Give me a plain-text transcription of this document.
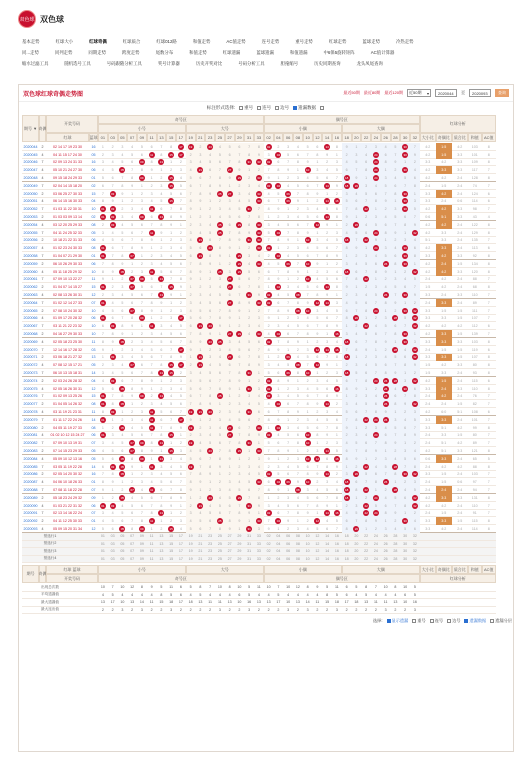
双色球 双色球
基本走势	红球大小	红球奇偶	红球质合	红球012路	和值走势	AC值走势	连号走势	重号走势	红球走势	蓝球走势	冷热走势
同...走势	同列走势	同期走势	跨度走势	尾数分布	和值走势	红球遗漏	蓝球遗漏	和值遗漏	中6保5旋转矩阵	AC值计算器
缩水过滤工具	随机选号工具	号码跟随分析工具	奖号计算器	历史开奖对比	号码分析工具	胆拖缩号	历史同期查询	龙头凤尾查询
双色球红球奇偶走势图	最近50期 最近80期 最近120期 近50期 ▾	2020044	至	2020093	查询
标注形式选择:	重号	连号	边号	遗漏数据
期号 ▼ 奇偶
开奖号码
红球	蓝球
奇号区
小号	大号
01	03	05	07	09	11	13	15	17	19	21	23	25	27	29	31	33
偶号区
小偶	大偶
02	04	06	08	10	12	14	16	18	20	22	24	26	28	30	32
红球分析
大小比	奇偶比	质合比	和值	AC值
2020044	2	02 14 17 19 23 30	16	1	2	3	4	5	6	7	8	17	19	2	23	4	5	6	7	8	02	2	3	4	5	6	14	8	9	1	2	3	4	5	30	7	4:2	1:5	4:2	103	8
2020045	4	04 11 15 17 24 30	05	2	3	4	5	6	11	8	15	17	2	3	4	5	6	7	8	9	3	04	5	6	7	8	9	1	2	3	4	24	6	7	30	9	4:2	1:5	3:3	101	8
2020046	7	02 09 13 24 31 33	16	3	4	5	6	09	8	13	1	2	3	4	5	6	7	8	31	33	02	6	7	8	9	1	2	3	4	5	6	24	8	9	1	2	3:3	4:2	3:3	109	8
2020047	4	05 10 21 24 27 30	06	4	5	05	7	8	9	1	2	3	4	21	6	7	27	9	1	2	7	8	9	1	10	3	4	5	6	7	8	24	1	2	30	4	4:2	3:3	3:3	117	7
2020048	4	09 15 18 24 29 33	01	5	6	7	8	09	1	2	15	4	5	6	7	8	9	29	2	33	9	1	2	3	4	5	6	7	18	9	1	24	3	4	5	6	4:2	4:2	2:4	128	8
2020049	7	02 04 14 15 18 20	02	6	7	8	9	1	2	3	15	5	6	7	8	9	1	2	3	4	02	04	4	5	6	7	14	9	18	20	3	4	5	6	7	8	2:4	1:5	2:4	74	7
2020050	2	03 06 25 27 30 33	15	7	03	9	1	2	3	4	5	6	7	8	9	25	27	3	4	33	4	5	06	7	8	9	1	2	3	4	5	6	7	8	30	1	3:3	4:2	2:4	124	6
2020051	4	06 14 15 16 30 33	04	8	9	1	2	3	4	5	15	7	8	9	1	2	3	4	5	33	6	7	06	9	1	2	14	16	5	6	7	8	9	1	30	3	3:3	2:4	0:6	114	6
2020052	7	01 03 11 22 30 31	10	01	03	2	3	4	11	6	7	8	9	1	2	3	4	5	31	7	8	9	1	2	3	4	5	6	7	8	22	1	2	3	30	5	4:2	4:2	3:3	98	7
2020053	2	01 03 03 09 13 14	02	01	03	3	4	09	6	13	8	9	1	2	3	4	5	6	7	8	1	2	3	4	5	6	14	8	9	1	2	3	4	5	6	7	0:6	5:1	3:3	43	4
2020054	4	03 12 20 25 29 33	08	2	03	4	5	6	7	8	9	1	2	3	4	25	6	29	8	33	3	4	5	6	7	12	9	1	2	20	4	5	6	7	8	9	4:2	4:2	2:4	122	8
2020055	7	04 11 24 25 32 33	05	3	4	5	6	7	11	9	1	2	3	4	5	25	7	8	9	33	5	04	7	8	9	1	2	3	4	5	6	24	8	9	1	32	4:2	3:3	2:4	129	8
2020056	2	10 18 21 22 31 33	06	4	5	6	7	8	9	1	2	3	4	21	6	7	8	9	31	33	7	8	9	1	10	3	4	5	18	7	22	9	1	2	3	4	5:1	3:3	2:4	135	7
2020057	4	01 02 23 24 30 33	08	01	6	7	8	9	1	2	3	4	5	6	23	8	9	1	2	33	02	1	2	3	4	5	6	7	8	9	1	24	3	4	30	6	4:2	3:3	2:4	113	6
2020058	7	01 04 07 21 29 30	01	01	7	8	07	1	2	3	4	5	6	21	8	9	1	29	3	4	2	04	4	5	6	7	8	9	1	2	3	4	5	6	30	8	3:3	4:2	3:3	92	8
2020059	2	06 10 26 29 30 33	06	7	8	9	1	2	3	4	5	6	7	8	9	1	2	29	4	33	4	5	06	7	10	9	1	2	3	4	5	6	26	8	30	1	4:2	2:4	1:5	134	8
2020060	4	05 11 18 25 29 32	10	8	9	05	2	3	11	5	6	7	8	9	1	25	3	29	5	6	6	7	8	9	1	2	3	4	18	6	7	8	9	1	2	32	4:2	4:2	3:3	120	8
2020061	7	07 09 10 13 22 27	11	9	1	2	07	09	5	13	7	8	9	1	2	3	27	5	6	7	8	9	1	2	10	4	5	6	7	8	22	1	2	3	4	5	2:4	4:2	2:4	88	7
2020062	2	01 04 07 14 15 27	15	01	2	3	07	5	6	7	15	9	1	2	3	4	27	6	7	8	1	04	3	4	5	6	14	8	9	1	2	3	4	5	6	7	1:5	4:2	2:4	68	8
2020063	4	02 08 13 26 30 31	12	2	3	4	5	6	7	13	9	1	2	3	4	5	6	7	31	9	02	4	5	08	7	8	9	1	2	3	4	5	26	7	30	9	3:3	2:4	3:3	110	7
2020064	7	01 02 12 14 27 33	07	01	4	5	6	7	8	9	1	2	3	4	5	6	27	8	9	33	02	6	7	8	9	12	14	3	4	5	6	7	8	9	1	2	2:4	3:3	2:4	89	7
2020065	2	07 08 10 24 30 32	10	4	5	6	07	8	9	1	2	3	4	5	6	7	8	9	1	2	7	8	9	08	10	3	4	5	6	7	8	24	1	2	30	32	3:3	1:5	1:5	111	7
2020066	4	01 09 17 20 28 32	06	01	6	7	8	09	1	2	3	17	5	6	7	8	9	1	2	3	9	1	2	3	4	5	6	7	8	20	1	2	3	28	5	32	3:3	3:3	1:5	107	7
2020067	7	03 11 21 22 23 32	10	6	03	8	9	1	11	3	4	5	6	21	23	9	1	2	3	4	2	3	4	5	6	7	8	9	1	2	22	4	5	6	7	32	4:2	4:2	4:2	112	6
2020068	2	04 16 27 29 30 33	10	7	8	9	1	2	3	4	5	6	7	8	9	1	27	29	4	33	4	04	6	7	8	9	1	16	3	4	5	6	7	8	30	1	4:2	3:3	1:5	139	7
2020069	4	02 05 18 23 25 30	11	8	9	05	2	3	4	5	6	7	8	9	23	25	3	4	5	6	02	7	8	9	1	2	3	4	18	6	7	8	9	1	30	3	3:3	3:3	3:3	103	8
2020070	7	12 14 16 17 28 32	03	9	1	2	3	4	5	6	7	17	9	1	2	3	4	5	6	7	8	9	1	2	3	12	14	16	7	8	9	1	2	28	4	32	2:4	1:5	1:5	119	6
2020071	2	03 06 18 21 27 32	13	1	03	3	4	5	6	7	8	9	1	21	3	4	27	6	7	8	1	2	06	4	5	6	7	8	18	1	2	3	4	5	6	32	3:3	3:3	1:5	107	8
2020072	4	07 08 12 15 17 21	05	2	3	4	07	6	7	8	15	17	2	21	4	5	6	7	8	9	3	4	5	08	7	12	9	1	2	3	4	5	6	7	8	9	1:5	4:2	3:3	80	8
2020073	7	06 10 13 15 18 31	14	3	4	5	6	7	8	13	15	2	3	4	5	6	7	8	31	1	5	6	06	8	10	1	2	3	18	5	6	7	8	9	1	2	1:5	3:3	2:4	93	8
2020074	2	02 03 24 26 28 32	04	4	03	6	7	8	9	1	2	3	4	5	6	7	8	9	1	2	02	8	9	1	2	3	4	5	6	7	8	24	26	28	3	32	4:2	1:5	2:4	115	6
2020075	4	02 05 16 26 30 31	12	5	6	05	8	9	1	2	3	4	5	6	7	8	9	1	31	3	02	1	2	3	4	5	6	16	8	9	1	2	26	4	30	6	3:3	2:4	3:3	110	8
2020076	7	01 02 09 13 25 26	15	01	7	8	9	09	2	13	4	5	6	7	8	25	1	2	3	4	02	3	4	5	6	7	8	9	1	2	3	4	26	6	7	8	2:4	4:2	2:4	76	7
2020077	2	01 04 05 14 26 32	08	01	8	05	1	2	3	4	5	6	7	8	9	1	2	3	4	5	4	04	6	7	8	9	14	2	3	4	5	6	26	8	9	32	2:4	2:4	1:5	82	7
2020078	4	03 11 19 21 23 31	11	8	03	1	2	3	11	5	6	7	19	21	23	2	3	4	31	6	6	7	8	9	1	2	3	4	5	6	7	8	9	1	2	3	4:2	6:0	5:1	108	6
2020079	7	01 11 17 22 24 26	14	01	1	2	3	4	11	6	7	17	9	1	2	3	4	5	6	7	8	9	1	2	3	4	5	6	7	8	22	24	26	3	4	5	3:3	3:3	2:4	101	7
2020080	2	04 05 11 19 27 33	08	1	2	05	4	5	11	7	8	9	19	2	3	4	27	6	7	33	1	04	3	4	5	6	7	8	9	1	2	3	4	5	6	7	3:3	5:1	4:2	99	8
2020081	4	01 02 10 12 15 24 27	06	01	3	4	5	6	7	8	15	1	2	3	4	5	27	7	8	9	02	4	5	6	10	8	9	1	2	3	4	24	6	7	8	9	2:4	3:3	1:5	80	7
2020082	7	07 09 10 13 19 31	07	3	4	5	07	09	8	13	1	2	19	4	5	6	7	8	31	1	5	6	7	8	10	1	2	3	4	5	6	7	8	9	1	2	2:4	5:1	4:2	89	7
2020083	2	07 14 15 23 29 33	05	4	5	6	07	8	9	1	15	3	4	5	23	7	8	29	1	33	7	8	9	1	2	3	14	5	6	7	8	9	1	2	3	4	4:2	5:1	3:3	121	8
2020084	4	05 09 10 12 13 16	05	5	6	05	8	09	1	13	3	4	5	6	7	8	9	1	2	3	9	1	2	3	10	12	6	16	8	9	1	2	3	4	5	6	0:6	3:3	2:4	65	5
2020085	7	03 05 11 19 22 28	14	6	03	05	9	1	11	3	4	5	19	7	8	9	1	2	3	4	2	3	4	5	6	7	8	9	1	2	22	4	5	28	7	8	2:4	4:2	4:2	88	8
2020086	2	02 05 14 20 30 32	16	7	8	05	1	2	3	4	5	6	7	8	9	1	2	3	4	5	02	5	6	7	8	9	14	2	3	20	5	6	7	8	30	32	3:3	1:5	2:4	103	7
2020087	4	04 06 10 18 26 33	01	8	9	1	2	3	4	5	6	7	8	9	1	2	3	4	5	33	6	04	06	9	10	2	3	4	18	6	7	8	26	1	2	3	2:4	1:5	0:6	97	7
2020088	7	07 08 11 18 22 28	07	9	1	2	07	4	11	6	7	8	9	1	2	3	4	5	6	7	8	9	1	08	3	4	5	6	18	8	22	1	2	28	4	5	2:4	2:4	2:4	94	7
2020089	2	05 18 23 24 29 32	09	1	2	05	4	5	6	7	8	9	1	2	23	4	5	29	7	8	1	2	3	4	5	6	7	8	18	1	2	24	4	5	6	32	4:2	3:3	3:3	131	8
2020090	4	01 03 21 22 31 32	06	01	03	4	5	6	7	8	9	1	2	21	4	5	6	7	31	9	3	4	5	6	7	8	9	1	2	3	22	5	6	7	8	32	4:2	4:2	2:4	110	7
2020091	7	02 13 14 16 22 24	07	3	4	5	6	7	8	13	1	2	3	4	5	6	7	8	9	1	02	6	7	8	9	1	14	16	4	5	22	24	8	9	1	2	2:4	1:5	2:4	91	7
2020092	2	04 11 12 25 30 33	01	4	5	6	7	8	11	1	2	3	4	5	6	25	8	9	1	33	7	04	9	1	2	12	4	5	6	7	8	9	1	2	30	4	3:3	3:3	1:5	115	8
2020093	4	05 09 15 20 31 34	12	5	6	05	8	09	1	2	15	4	5	6	7	8	9	1	31	3	9	1	2	3	4	5	6	7	8	20	1	2	3	4	5	6	3:3	4:2	2:4	114	8
预选行1	01	03	05	07	09	11	13	15	17	19	21	23	25	27	29	31	33	02	04	06	08	10	12	14	16	18	20	22	24	26	28	30	32
预选行2	01	03	05	07	09	11	13	15	17	19	21	23	25	27	29	31	33	02	04	06	08	10	12	14	16	18	20	22	24	26	28	30	32
预选行3	01	03	05	07	09	11	13	15	17	19	21	23	25	27	29	31	33	02	04	06	08	10	12	14	16	18	20	22	24	26	28	30	32
预选行4	01	03	05	07	09	11	13	15	17	19	21	23	25	27	29	31	33	02	04	06	08	10	12	14	16	18	20	22	24	26	28	30	32
期号	奇偶
红球 蓝球
开奖号码
小号	大号
奇号区
小偶	大偶
偶号区
大小比	奇偶比	质合比	和值	AC值
红球分析
出现总次数	10	7	10	12	8	9	5	11	6	5	8	7	10	8	10	5	11	10	7	10	12	8	9	5	11	6	5	8	7	10	8	10	5
平均遗漏值	4	5	4	4	4	4	8	5	6	4	5	4	4	4	6	5	4	4	5	4	4	4	4	8	5	6	4	5	4	4	4	6	5
最大遗漏值	13	17	10	13	14	11	15	18	17	18	13	11	11	13	10	16	13	13	17	10	13	14	11	15	18	17	18	13	11	11	13	10	16
最大连出值	2	2	3	2	3	2	2	3	2	2	2	2	3	2	2	3	2	2	2	3	2	3	2	2	3	2	2	2	2	3	2	2	3
选择:	显示遗漏	重号	连号	边号	遗漏数据	遗漏分层
